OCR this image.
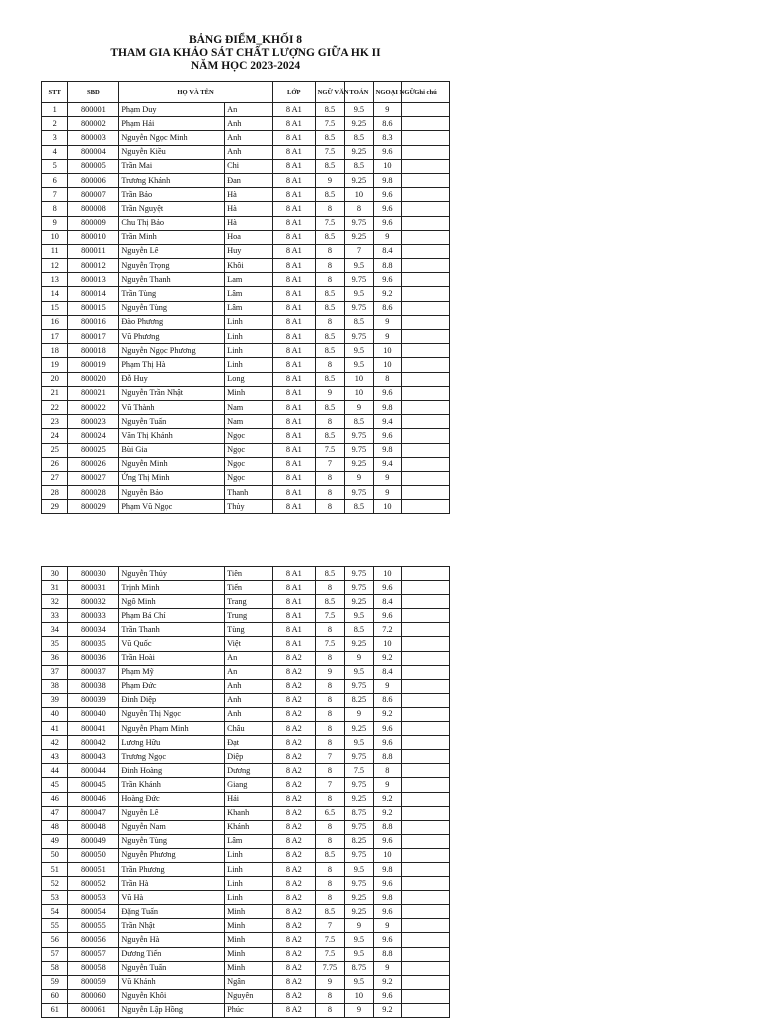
BẢNG ĐIỂM_KHỐI 8
THAM GIA KHẢO SÁT CHẤT LƯỢNG GIỮA HK II
NĂM HỌC 2023-2024
STT	SBD	HỌ VÀ TÊN		LỚP	NGỮ VĂN	TOÁN	NGOẠI NGỮ	Ghi chú
1	800001	Phạm Duy	An	8 A1	8.5	9.5	9	
2	800002	Phạm Hải	Anh	8 A1	7.5	9.25	8.6	
3	800003	Nguyễn Ngọc Minh	Anh	8 A1	8.5	8.5	8.3	
4	800004	Nguyễn Kiều	Anh	8 A1	7.5	9.25	9.6	
5	800005	Trần Mai	Chi	8 A1	8.5	8.5	10	
6	800006	Trương Khánh	Đan	8 A1	9	9.25	9.8	
7	800007	Trần Bảo	Hà	8 A1	8.5	10	9.6	
8	800008	Trần Nguyệt	Hà	8 A1	8	8	9.6	
9	800009	Chu Thị Bảo	Hà	8 A1	7.5	9.75	9.6	
10	800010	Trần Minh	Hoa	8 A1	8.5	9.25	9	
11	800011	Nguyễn Lê	Huy	8 A1	8	7	8.4	
12	800012	Nguyễn Trọng	Khôi	8 A1	8	9.5	8.8	
13	800013	Nguyễn Thanh	Lam	8 A1	8	9.75	9.6	
14	800014	Trần Tùng	Lâm	8 A1	8.5	9.5	9.2	
15	800015	Nguyễn Tùng	Lâm	8 A1	8.5	9.75	8.6	
16	800016	Đào Phương	Linh	8 A1	8	8.5	9	
17	800017	Vũ Phương	Linh	8 A1	8.5	9.75	9	
18	800018	Nguyễn Ngọc Phương	Linh	8 A1	8.5	9.5	10	
19	800019	Phạm Thị Hà	Linh	8 A1	8	9.5	10	
20	800020	Đỗ Huy	Long	8 A1	8.5	10	8	
21	800021	Nguyễn Trần Nhật	Minh	8 A1	9	10	9.6	
22	800022	Vũ Thành	Nam	8 A1	8.5	9	9.8	
23	800023	Nguyễn Tuấn	Nam	8 A1	8	8.5	9.4	
24	800024	Văn Thị Khánh	Ngọc	8 A1	8.5	9.75	9.6	
25	800025	Bùi Gia	Ngọc	8 A1	7.5	9.75	9.8	
26	800026	Nguyễn Minh	Ngọc	8 A1	7	9.25	9.4	
27	800027	Ứng Thị Minh	Ngọc	8 A1	8	9	9	
28	800028	Nguyễn Bảo	Thanh	8 A1	8	9.75	9	
29	800029	Phạm Vũ Ngọc	Thủy	8 A1	8	8.5	10	
30	800030	Nguyễn Thủy	Tiên	8 A1	8.5	9.75	10	
31	800031	Trịnh Minh	Tiến	8 A1	8	9.75	9.6	
32	800032	Ngô Minh	Trang	8 A1	8.5	9.25	8.4	
33	800033	Phạm Bá Chí	Trung	8 A1	7.5	9.5	9.6	
34	800034	Trần Thanh	Tùng	8 A1	8	8.5	7.2	
35	800035	Vũ Quốc	Việt	8 A1	7.5	9.25	10	
36	800036	Trần Hoài	An	8 A2	8	9	9.2	
37	800037	Phạm Mỹ	An	8 A2	9	9.5	8.4	
38	800038	Phạm Đức	Anh	8 A2	8	9.75	9	
39	800039	Đinh Diệp	Anh	8 A2	8	8.25	8.6	
40	800040	Nguyễn Thị Ngọc	Anh	8 A2	8	9	9.2	
41	800041	Nguyễn Phạm Minh	Châu	8 A2	8	9.25	9.6	
42	800042	Lương Hữu	Đạt	8 A2	8	9.5	9.6	
43	800043	Trương Ngọc	Diệp	8 A2	7	9.75	8.8	
44	800044	Đinh Hoàng	Dương	8 A2	8	7.5	8	
45	800045	Trần Khánh	Giang	8 A2	7	9.75	9	
46	800046	Hoàng Đức	Hải	8 A2	8	9.25	9.2	
47	800047	Nguyễn Lê	Khanh	8 A2	6.5	8.75	9.2	
48	800048	Nguyễn Nam	Khánh	8 A2	8	9.75	8.8	
49	800049	Nguyễn Tùng	Lâm	8 A2	8	8.25	9.6	
50	800050	Nguyễn Phương	Linh	8 A2	8.5	9.75	10	
51	800051	Trần Phương	Linh	8 A2	8	9.5	9.8	
52	800052	Trần Hà	Linh	8 A2	8	9.75	9.6	
53	800053	Vũ Hà	Linh	8 A2	8	9.25	9.8	
54	800054	Đặng Tuấn	Minh	8 A2	8.5	9.25	9.6	
55	800055	Trần Nhật	Minh	8 A2	7	9	9	
56	800056	Nguyễn Hà	Minh	8 A2	7.5	9.5	9.6	
57	800057	Dương Tiến	Minh	8 A2	7.5	9.5	8.8	
58	800058	Nguyễn Tuấn	Minh	8 A2	7.75	8.75	9	
59	800059	Vũ Khánh	Ngân	8 A2	9	9.5	9.2	
60	800060	Nguyễn Khôi	Nguyên	8 A2	8	10	9.6	
61	800061	Nguyễn Lập Hồng	Phúc	8 A2	8	9	9.2	
